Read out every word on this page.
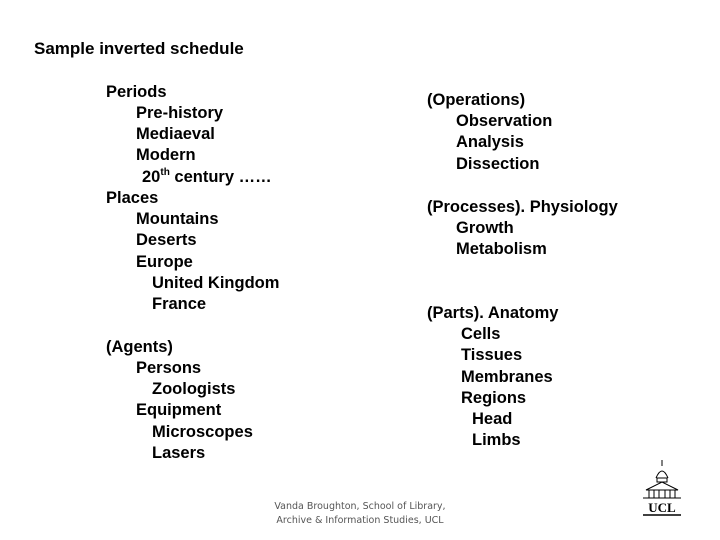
Sample inverted schedule
Periods
Pre-history
Mediaeval
Modern
20th century ……
Places
Mountains
Deserts
Europe
United Kingdom
France
(Agents)
Persons
Zoologists
Equipment
Microscopes
Lasers
(Operations)
Observation
Analysis
Dissection
(Processes). Physiology
Growth
Metabolism
(Parts). Anatomy
Cells
Tissues
Membranes
Regions
Head
Limbs
Vanda Broughton, School of Library,
Archive & Information Studies, UCL
UCL
